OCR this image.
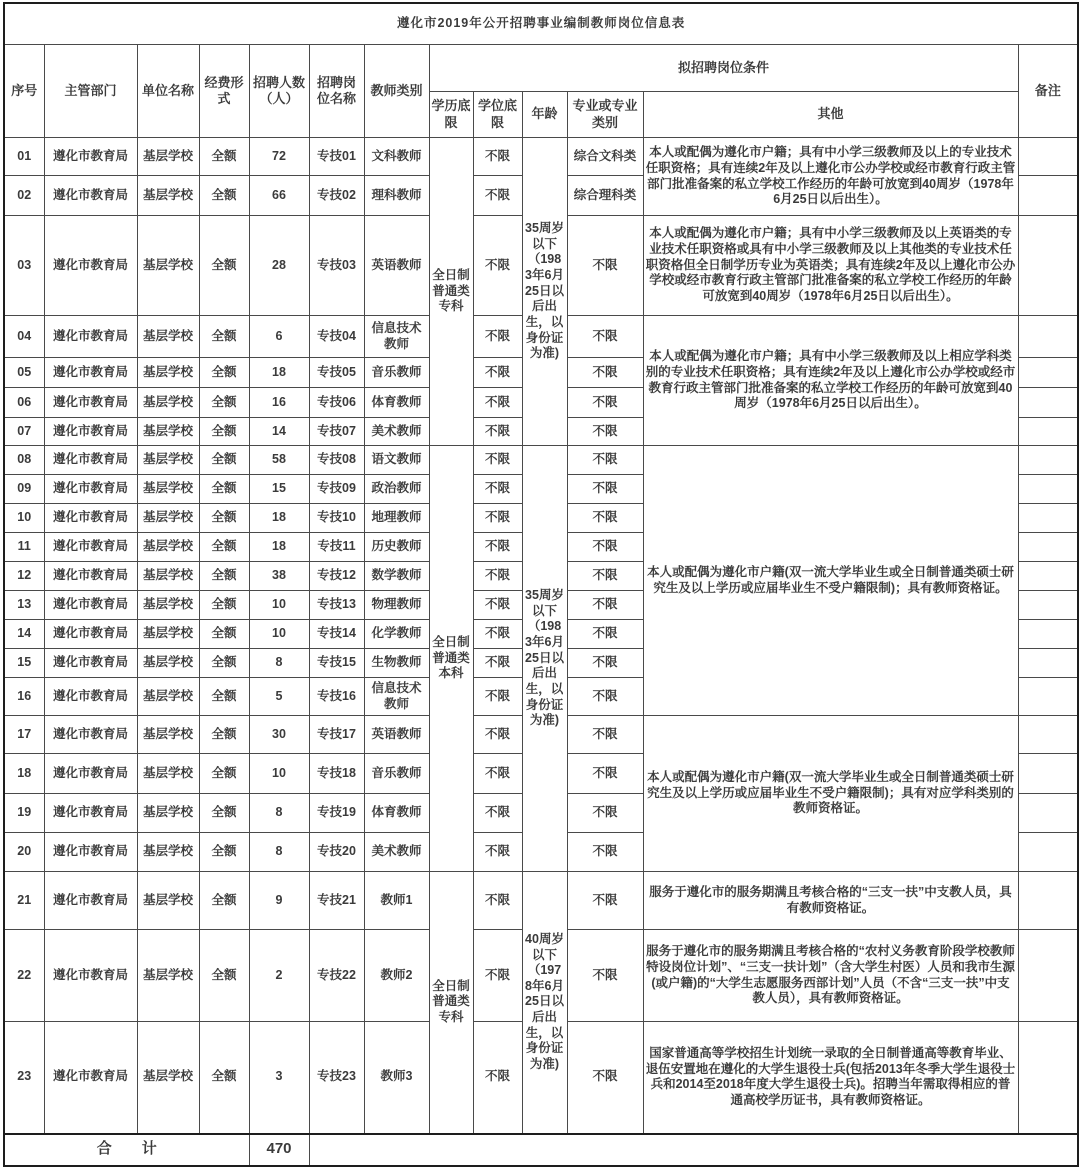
遵化市2019年公开招聘事业编制教师岗位信息表												
序号	主管部门	单位名称	经费形式	招聘人数（人）	招聘岗位名称	教师类别	拟招聘岗位条件					备注
							学历底限	学位底限	年龄	专业或专业类别	其他	
01	遵化市教育局	基层学校	全额	72	专技01	文科教师	全日制普通类专科	不限	35周岁以下（1983年6月25日以后出生，以身份证为准)	综合文科类	本人或配偶为遵化市户籍；具有中小学三级教师及以上的专业技术任职资格；具有连续2年及以上遵化市公办学校或经市教育行政主管部门批准备案的私立学校工作经历的年龄可放宽到40周岁（1978年6月25日以后出生）。	
02	遵化市教育局	基层学校	全额	66	专技02	理科教师		不限		综合理科类		
03	遵化市教育局	基层学校	全额	28	专技03	英语教师		不限		不限	本人或配偶为遵化市户籍；具有中小学三级教师及以上英语类的专业技术任职资格或具有中小学三级教师及以上其他类的专业技术任职资格但全日制学历专业为英语类；具有连续2年及以上遵化市公办学校或经市教育行政主管部门批准备案的私立学校工作经历的年龄可放宽到40周岁（1978年6月25日以后出生）。	
04	遵化市教育局	基层学校	全额	6	专技04	信息技术教师		不限		不限	本人或配偶为遵化市户籍；具有中小学三级教师及以上相应学科类别的专业技术任职资格；具有连续2年及以上遵化市公办学校或经市教育行政主管部门批准备案的私立学校工作经历的年龄可放宽到40周岁（1978年6月25日以后出生）。	
05	遵化市教育局	基层学校	全额	18	专技05	音乐教师		不限		不限		
06	遵化市教育局	基层学校	全额	16	专技06	体育教师		不限		不限		
07	遵化市教育局	基层学校	全额	14	专技07	美术教师		不限		不限		
08	遵化市教育局	基层学校	全额	58	专技08	语文教师	全日制普通类本科	不限	35周岁以下（1983年6月25日以后出生，以身份证为准)	不限	本人或配偶为遵化市户籍(双一流大学毕业生或全日制普通类硕士研究生及以上学历或应届毕业生不受户籍限制)；具有教师资格证。	
09	遵化市教育局	基层学校	全额	15	专技09	政治教师		不限		不限		
10	遵化市教育局	基层学校	全额	18	专技10	地理教师		不限		不限		
11	遵化市教育局	基层学校	全额	18	专技11	历史教师		不限		不限		
12	遵化市教育局	基层学校	全额	38	专技12	数学教师		不限		不限		
13	遵化市教育局	基层学校	全额	10	专技13	物理教师		不限		不限		
14	遵化市教育局	基层学校	全额	10	专技14	化学教师		不限		不限		
15	遵化市教育局	基层学校	全额	8	专技15	生物教师		不限		不限		
16	遵化市教育局	基层学校	全额	5	专技16	信息技术教师		不限		不限		
17	遵化市教育局	基层学校	全额	30	专技17	英语教师		不限		不限	本人或配偶为遵化市户籍(双一流大学毕业生或全日制普通类硕士研究生及以上学历或应届毕业生不受户籍限制)；具有对应学科类别的教师资格证。	
18	遵化市教育局	基层学校	全额	10	专技18	音乐教师		不限		不限		
19	遵化市教育局	基层学校	全额	8	专技19	体育教师		不限		不限		
20	遵化市教育局	基层学校	全额	8	专技20	美术教师		不限		不限		
21	遵化市教育局	基层学校	全额	9	专技21	教师1	全日制普通类专科	不限	40周岁以下（1978年6月25日以后出生，以身份证为准)	不限	服务于遵化市的服务期满且考核合格的“三支一扶”中支教人员，具有教师资格证。	
22	遵化市教育局	基层学校	全额	2	专技22	教师2		不限		不限	服务于遵化市的服务期满且考核合格的“农村义务教育阶段学校教师特设岗位计划”、“三支一扶计划”（含大学生村医）人员和我市生源(或户籍)的“大学生志愿服务西部计划”人员（不含“三支一扶”中支教人员），具有教师资格证。	
23	遵化市教育局	基层学校	全额	3	专技23	教师3		不限		不限	国家普通高等学校招生计划统一录取的全日制普通高等教育毕业、退伍安置地在遵化的大学生退役士兵(包括2013年冬季大学生退役士兵和2014至2018年度大学生退役士兵)。招聘当年需取得相应的普通高校学历证书，具有教师资格证。	
合　　计				470								
